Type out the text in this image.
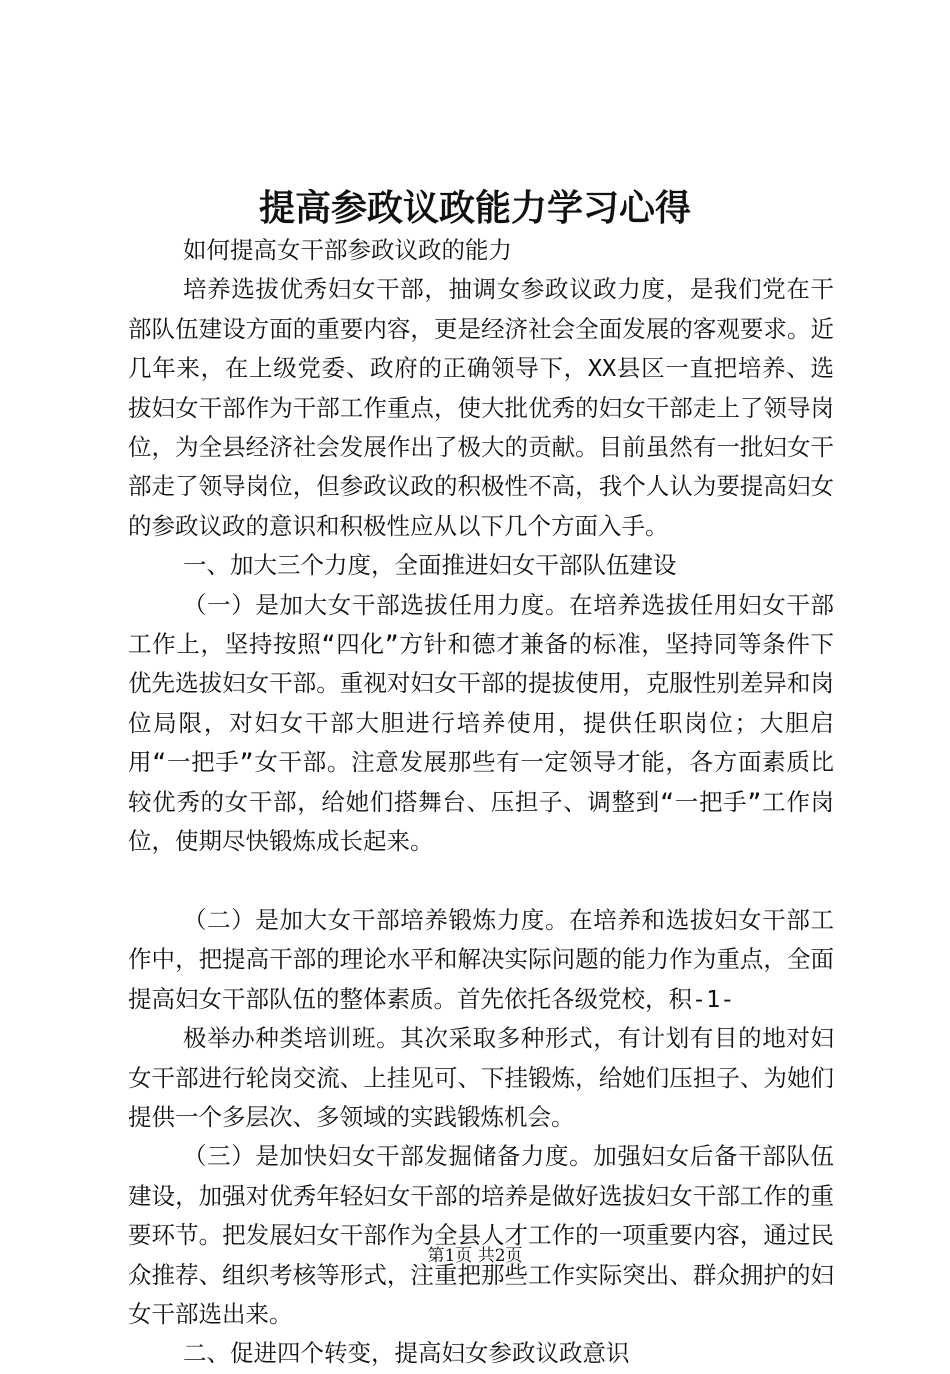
提高参政议政能力学习心得

如何提高女干部参政议政的能力

培养选拔优秀妇女干部，抽调女参政议政力度，是我们党在干部队伍建设方面的重要内容，更是经济社会全面发展的客观要求。近几年来，在上级党委、政府的正确领导下，XX县区一直把培养、选拔妇女干部作为干部工作重点，使大批优秀的妇女干部走上了领导岗位，为全县经济社会发展作出了极大的贡献。目前虽然有一批妇女干部走了领导岗位，但参政议政的积极性不高，我个人认为要提高妇女的参政议政的意识和积极性应从以下几个方面入手。

一、加大三个力度，全面推进妇女干部队伍建设

（一）是加大女干部选拔任用力度。在培养选拔任用妇女干部工作上，坚持按照“四化”方针和德才兼备的标准，坚持同等条件下优先选拔妇女干部。重视对妇女干部的提拔使用，克服性别差异和岗位局限，对妇女干部大胆进行培养使用，提供任职岗位；大胆启用“一把手”女干部。注意发展那些有一定领导才能，各方面素质比较优秀的女干部，给她们搭舞台、压担子、调整到“一把手”工作岗位，使期尽快锻炼成长起来。

（二）是加大女干部培养锻炼力度。在培养和选拔妇女干部工作中，把提高干部的理论水平和解决实际问题的能力作为重点，全面提高妇女干部队伍的整体素质。首先依托各级党校，积-1-

极举办种类培训班。其次采取多种形式，有计划有目的地对妇女干部进行轮岗交流、上挂见可、下挂锻炼，给她们压担子、为她们提供一个多层次、多领域的实践锻炼机会。

（三）是加快妇女干部发掘储备力度。加强妇女后备干部队伍建设，加强对优秀年轻妇女干部的培养是做好选拔妇女干部工作的重要环节。把发展妇女干部作为全县人才工作的一项重要内容，通过民众推荐、组织考核等形式，注重把那些工作实际突出、群众拥护的妇女干部选出来。

二、促进四个转变，提高妇女参政议政意识

第1页 共2页
